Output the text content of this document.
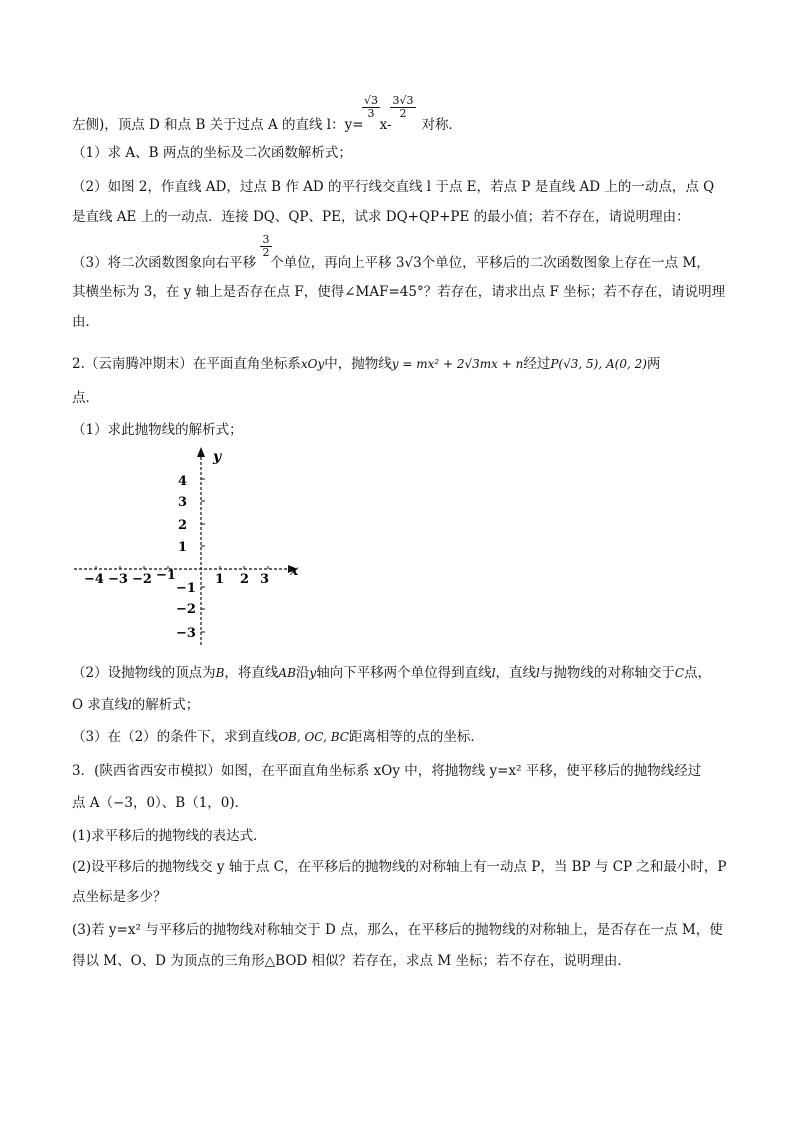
$\frac{√3}{3} \frac{3√3}{2}$
左侧)，顶点 D 和点 B 关于过点 A 的直线 l：y= x- 对称．
（1）求 A、B 两点的坐标及二次函数解析式；
（2）如图 2，作直线 AD，过点 B 作 AD 的平行线交直线 l 于点 E，若点 P 是直线 AD 上的一动点，点 Q
是直线 AE 上的一动点．连接 DQ、QP、PE，试求 DQ+QP+PE 的最小值；若不存在，请说明理由：
$\frac{3}{2}$
（3）将二次函数图象向右平移 个单位，再向上平移 3√3个单位，平移后的二次函数图象上存在一点 M，
其横坐标为 3，在 y 轴上是否存在点 F，使得∠MAF=45°？若存在，请求出点 F 坐标；若不存在，请说明理
由．
2.（云南腾冲期末）在平面直角坐标系xOy中，抛物线y = mx² + 2√3mx + n经过P(√3, 5), A(0, 2)两
点．
（1）求此抛物线的解析式；
y
x
−4 −3 −2 −1	1 2 3
4
3
2
1
−1
−2
−3
（2）设抛物线的顶点为B，将直线AB沿y轴向下平移两个单位得到直线l，直线l与抛物线的对称轴交于C点，
O 求直线l的解析式；
（3）在（2）的条件下，求到直线OB, OC, BC距离相等的点的坐标．
3．(陕西省西安市模拟）如图，在平面直角坐标系 xOy 中，将抛物线 y=x² 平移，使平移后的抛物线经过
点 A（−3，0）、B（1，0)．
(1)求平移后的抛物线的表达式．
(2)设平移后的抛物线交 y 轴于点 C，在平移后的抛物线的对称轴上有一动点 P，当 BP 与 CP 之和最小时，P
点坐标是多少？
(3)若 y=x² 与平移后的抛物线对称轴交于 D 点，那么，在平移后的抛物线的对称轴上，是否存在一点 M，使
得以 M、O、D 为顶点的三角形△BOD 相似？若存在，求点 M 坐标；若不存在，说明理由．
